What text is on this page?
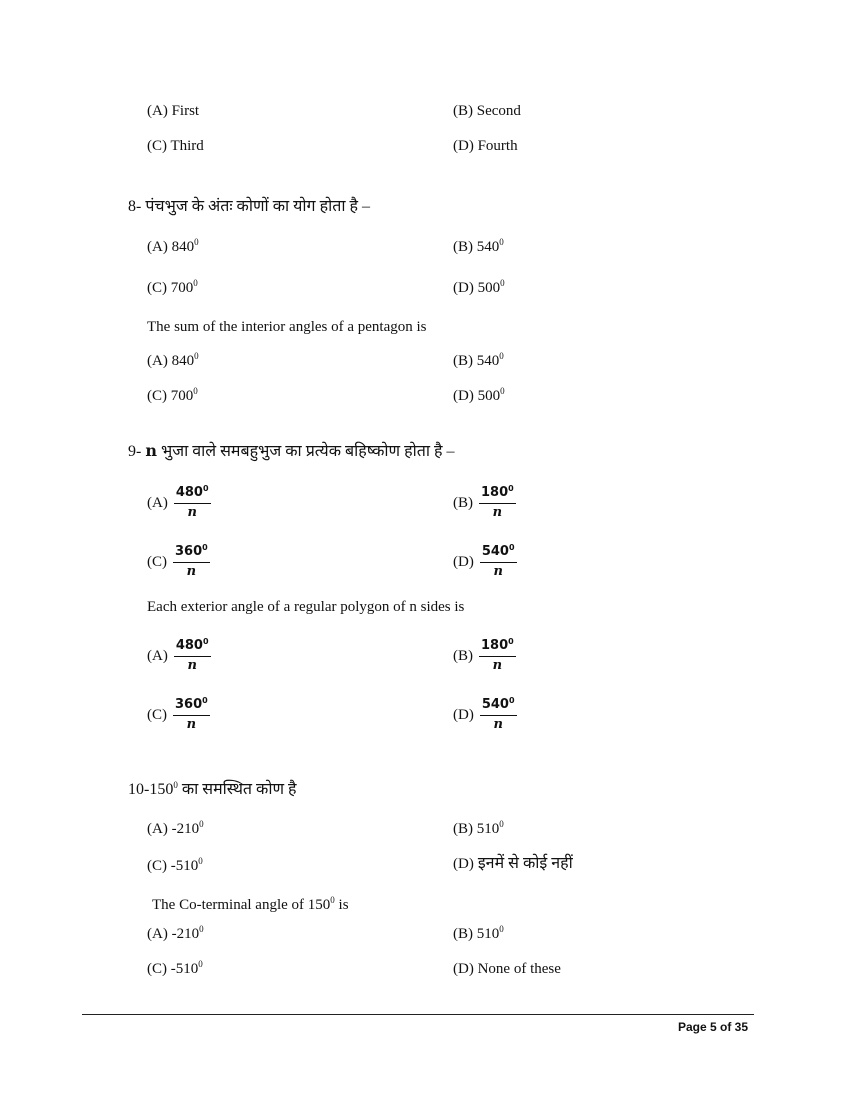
(A) First	(B) Second
(C) Third	(D) Fourth
8- पंचभुज के अंतः कोणों का योग होता है –
(A) $840^0$	(B) $540^0$
(C) $700^0$	(D) $500^0$
The sum of the interior angles of a pentagon is
(A) $840^0$	(B) $540^0$
(C) $700^0$	(D) $500^0$
9- n भुजा वाले समबहुभुज का प्रत्येक बहिष्कोण होता है –
$(A) \frac{480^0}{n}$	$(B) \frac{180^0}{n}$
$(C) \frac{360^0}{n}$	$(D) \frac{540^0}{n}$
Each exterior angle of a regular polygon of n sides is
$(A) \frac{480^0}{n}$	$(B) \frac{180^0}{n}$
$(C) \frac{360^0}{n}$	$(D) \frac{540^0}{n}$
$10-150^0$ का समस्थित कोण है
(A) $-210^0$	(B) $510^0$
(C) $-510^0$	(D) इनमें से कोई नहीं
The Co-terminal angle of $150^0$ is
(A) $-210^0$	(B) $510^0$
(C) $-510^0$	(D) None of these
Page 5 of 35
